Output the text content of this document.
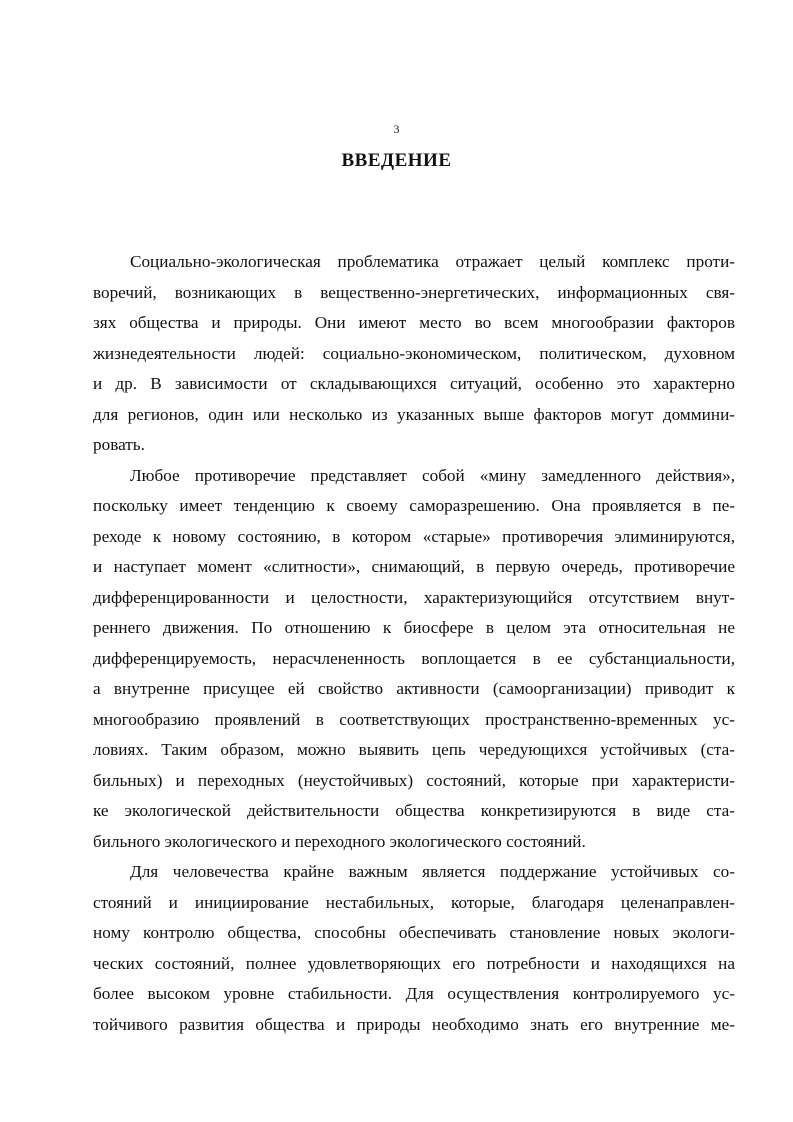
3
ВВЕДЕНИЕ
Социально-экологическая проблематика отражает целый комплекс проти-
воречий, возникающих в вещественно-энергетических, информационных свя-
зях общества и природы. Они имеют место во всем многообразии факторов
жизнедеятельности людей: социально-экономическом, политическом, духовном
и др. В зависимости от складывающихся ситуаций, особенно это характерно
для регионов, один или несколько из указанных выше факторов могут доммини-
ровать.
Любое противоречие представляет собой «мину замедленного действия»,
поскольку имеет тенденцию к своему саморазрешению. Она проявляется в пе-
реходе к новому состоянию, в котором «старые» противоречия элиминируются,
и наступает момент «слитности», снимающий, в первую очередь, противоречие
дифференцированности и целостности, характеризующийся отсутствием внут-
реннего движения. По отношению к биосфере в целом эта относительная не
дифференцируемость, нерасчлененность воплощается в ее субстанциальности,
а внутренне присущее ей свойство активности (самоорганизации) приводит к
многообразию проявлений в соответствующих пространственно-временных ус-
ловиях. Таким образом, можно выявить цепь чередующихся устойчивых (ста-
бильных) и переходных (неустойчивых) состояний, которые при характеристи-
ке экологической действительности общества конкретизируются в виде ста-
бильного экологического и переходного экологического состояний.
Для человечества крайне важным является поддержание устойчивых со-
стояний и инициирование нестабильных, которые, благодаря целенаправлен-
ному контролю общества, способны обеспечивать становление новых экологи-
ческих состояний, полнее удовлетворяющих его потребности и находящихся на
более высоком уровне стабильности. Для осуществления контролируемого ус-
тойчивого развития общества и природы необходимо знать его внутренние ме-
